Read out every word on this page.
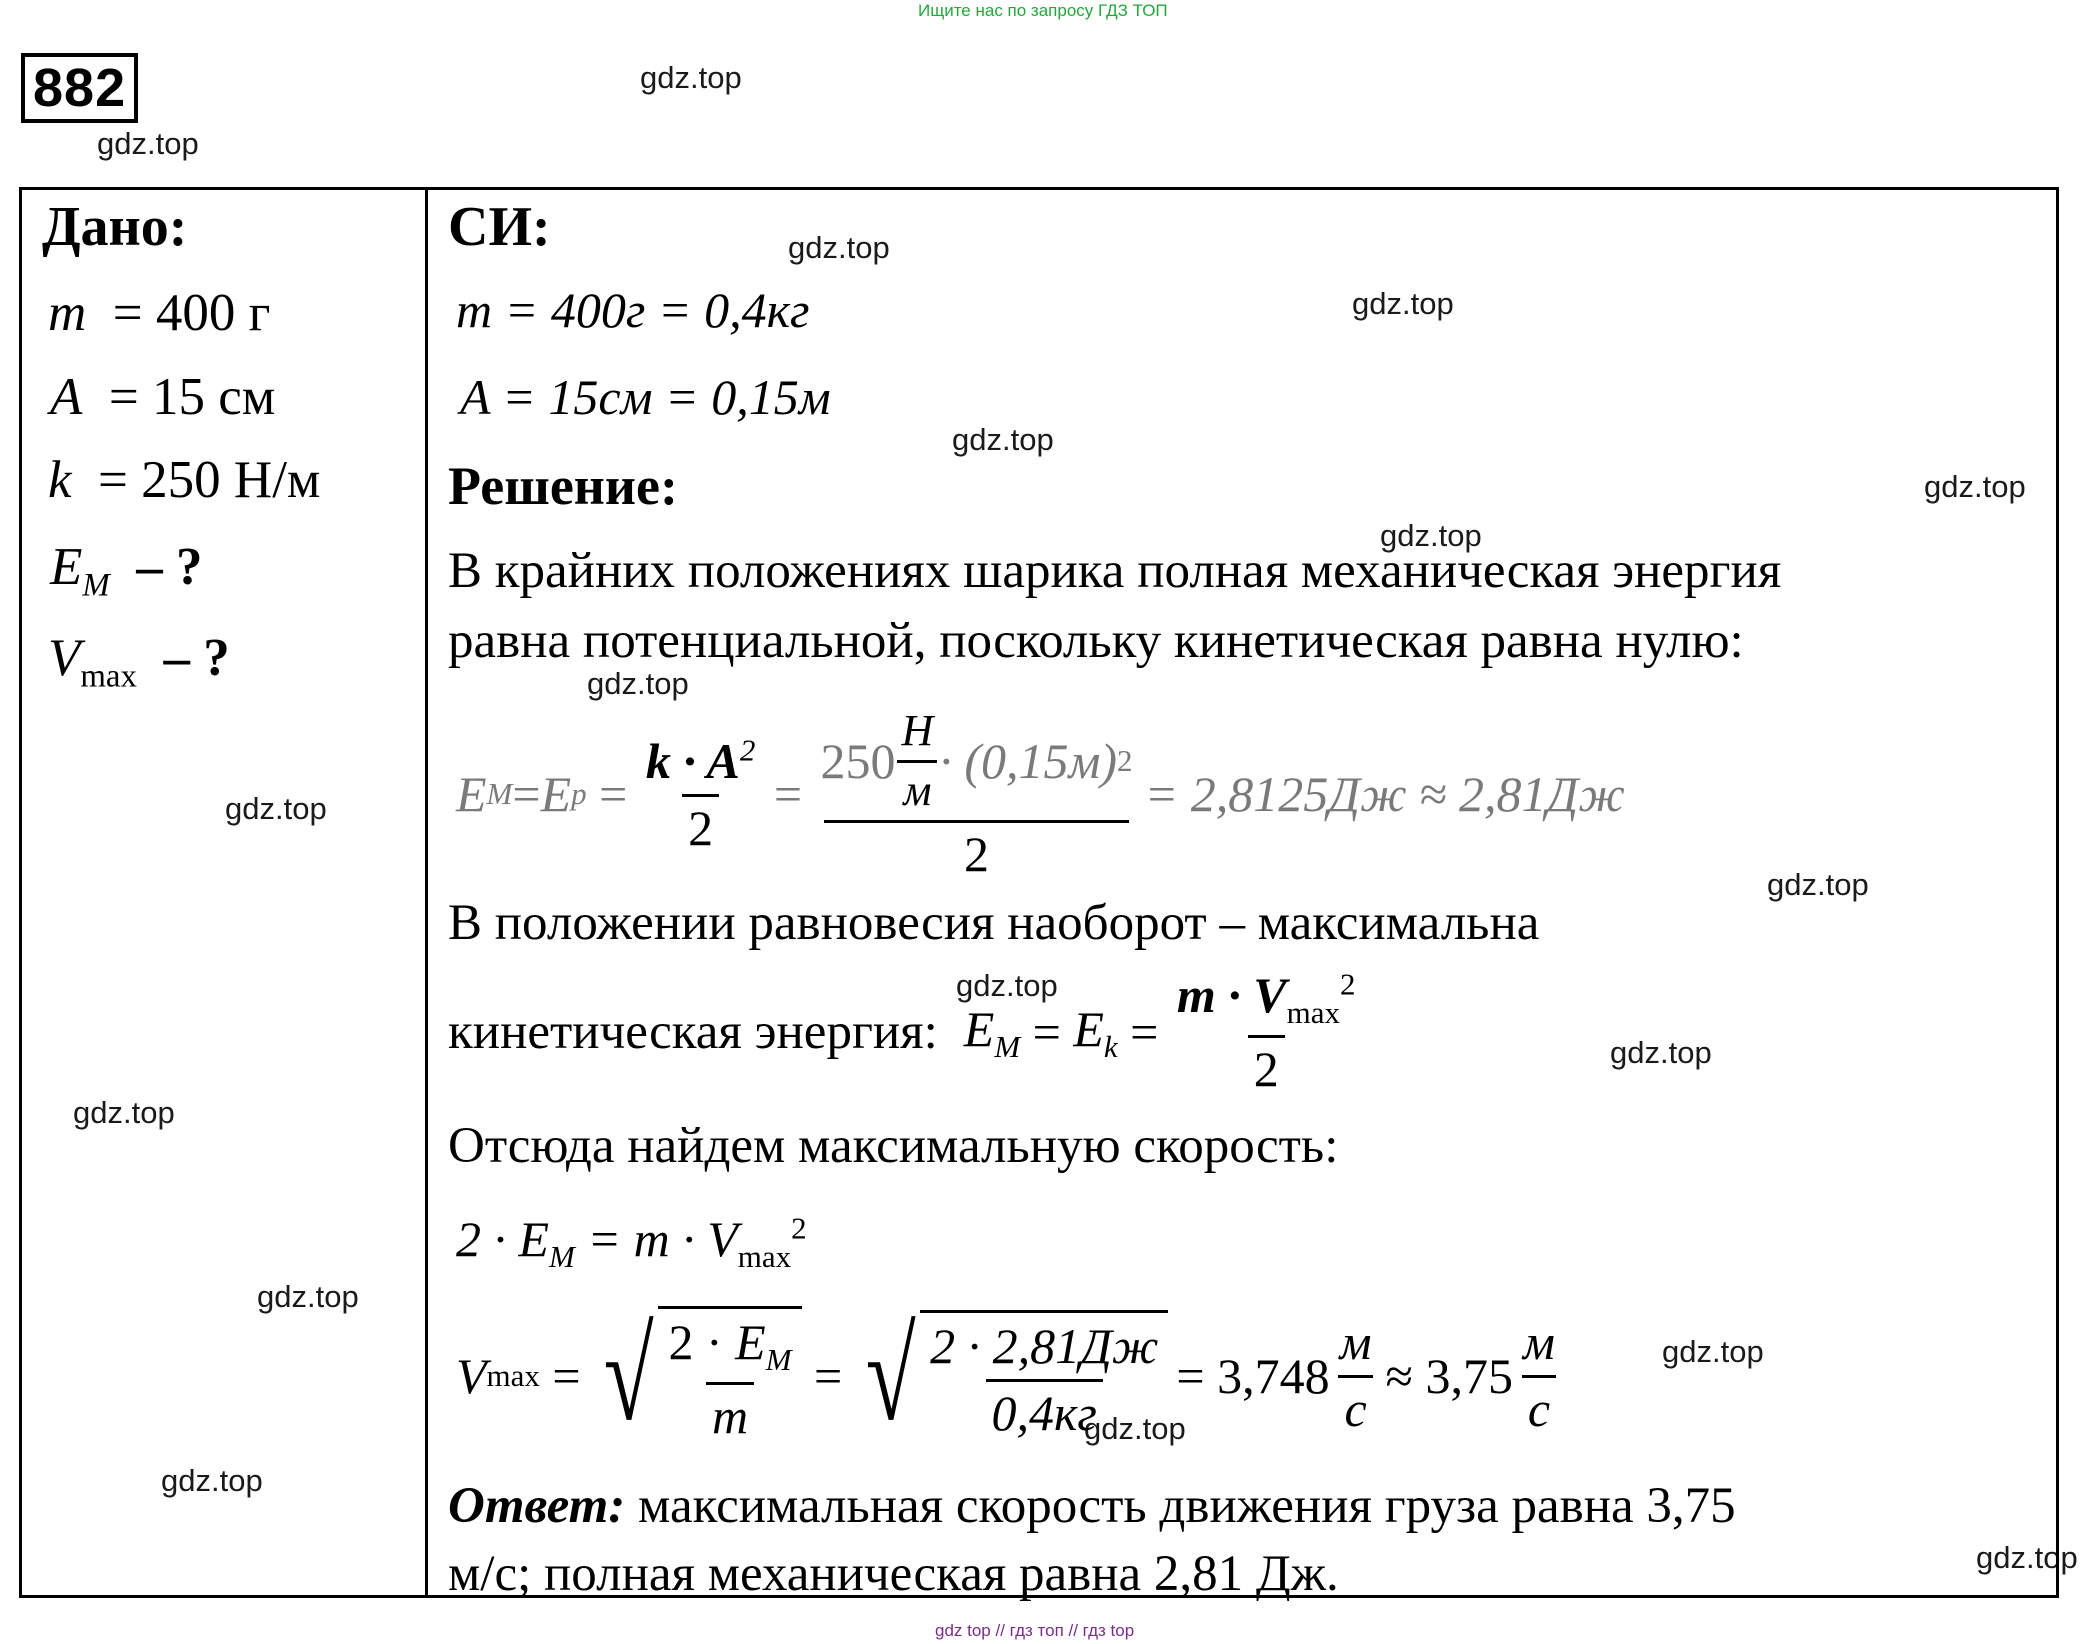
Ищите нас по запросу ГДЗ ТОП
882	gdz.top
gdz.top
gdz.top
gdz.top
gdz.top
gdz.top
gdz.top
gdz.top
gdz.top
gdz.top
gdz.top
gdz.top
gdz.top
gdz.top
gdz.top
gdz.top
gdz.top
gdz.top
Дано:
m = 400 г
A = 15 см
k = 250 Н/м
$E_M$ – ?
$V_{max}$ – ?
СИ:
m = 400г = 0,4кг
A = 15см = 0,15м
Решение:
В крайних положениях шарика полная механическая энергия
равна потенциальной, поскольку кинетическая равна нулю:
E M = E $p = \frac{k \cdot A^2}{2} = \frac{250 \frac{Н}{м} \cdot (0,15м) 2}{2} = 2,8125Дж \approx 2,81Дж$
В положении равновесия наоборот – максимальна
кинетическая энергия: $E_M = E_k = \frac{m \cdot V_{max}^2}{2}$
Отсюда найдем максимальную скорость:
$2 \cdot E_M = m \cdot V_{max}^2$
V max = √ $\frac{2 \cdot E_M}{m}$ = √ $\frac{2 \cdot 2,81Дж}{0,4кг} = 3,748 \frac{м}{с} \approx 3,75 \frac{м}{с}$
Ответ: максимальная скорость движения груза равна 3,75
м/с; полная механическая равна 2,81 Дж.
gdz top // гдз топ // гдз top
